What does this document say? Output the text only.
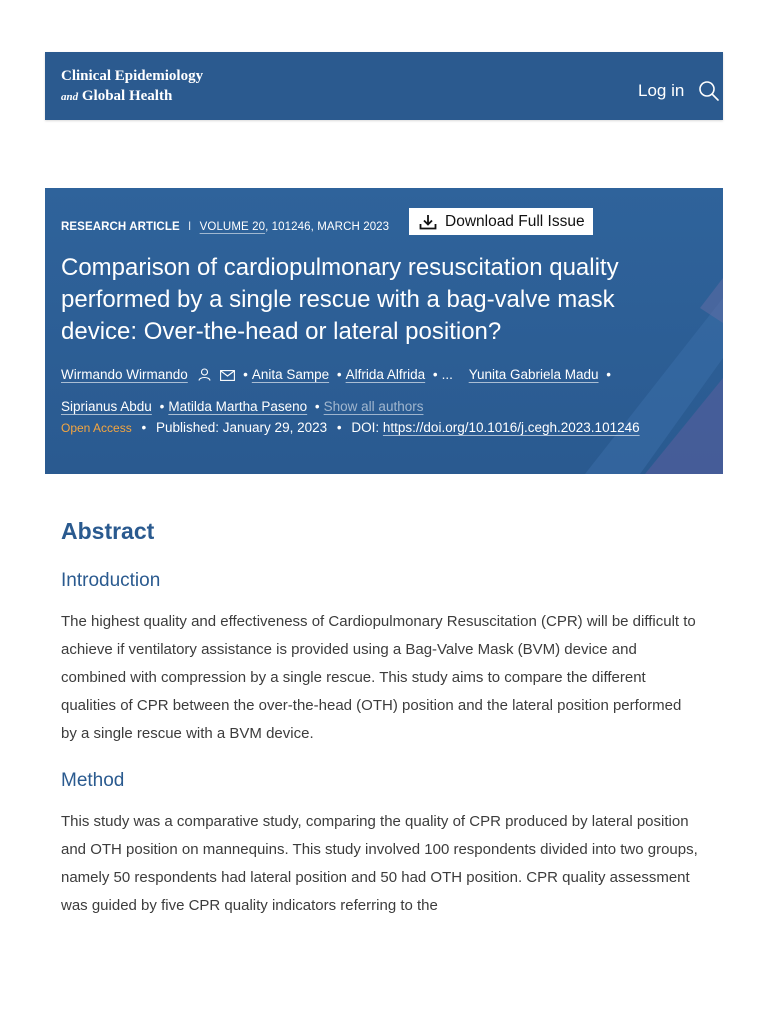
Clinical Epidemiology
and Global Health	Log in
RESEARCH ARTICLE I VOLUME 20, 101246, MARCH 2023	Download Full Issue
Comparison of cardiopulmonary resuscitation quality performed by a single rescue with a bag-valve mask device: Over-the-head or lateral position?
Wirmando Wirmando	• Anita Sampe • Alfrida Alfrida • ... Yunita Gabriela Madu •
Siprianus Abdu • Matilda Martha Paseno • Show all authors
Open Access • Published: January 29, 2023 • DOI: https://doi.org/10.1016/j.cegh.2023.101246
Abstract
Introduction

The highest quality and effectiveness of Cardiopulmonary Resuscitation (CPR) will be difficult to achieve if ventilatory assistance is provided using a Bag-Valve Mask (BVM) device and combined with compression by a single rescue. This study aims to compare the different qualities of CPR between the over-the-head (OTH) position and the lateral position performed by a single rescue with a BVM device.

Method

This study was a comparative study, comparing the quality of CPR produced by lateral position and OTH position on mannequins. This study involved 100 respondents divided into two groups, namely 50 respondents had lateral position and 50 had OTH position. CPR quality assessment was guided by five CPR quality indicators referring to the
